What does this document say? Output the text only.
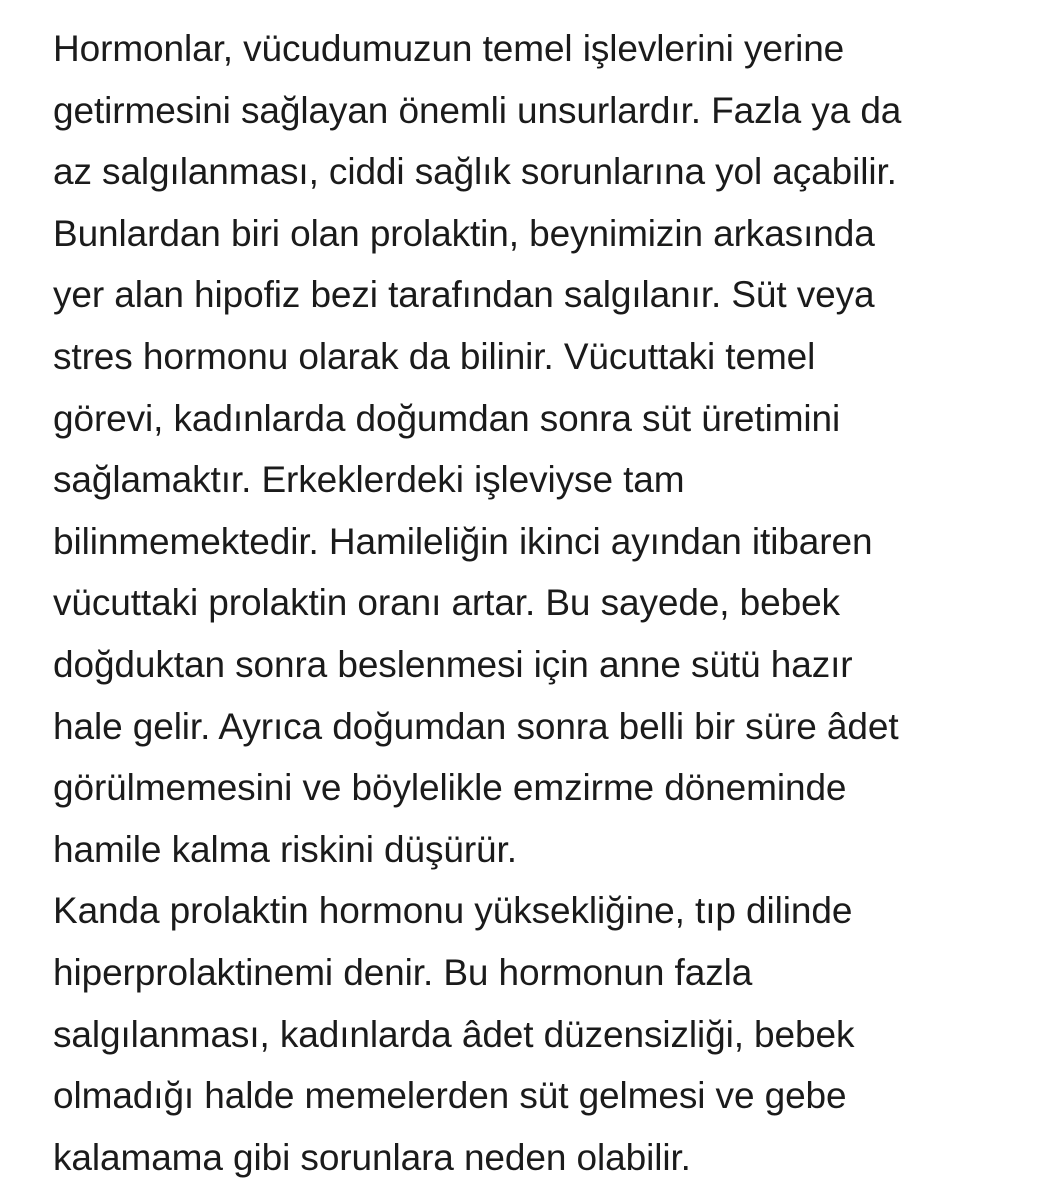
Hormonlar, vücudumuzun temel işlevlerini yerine
getirmesini sağlayan önemli unsurlardır. Fazla ya da
az salgılanması, ciddi sağlık sorunlarına yol açabilir.
Bunlardan biri olan prolaktin, beynimizin arkasında
yer alan hipofiz bezi tarafından salgılanır. Süt veya
stres hormonu olarak da bilinir. Vücuttaki temel
görevi, kadınlarda doğumdan sonra süt üretimini
sağlamaktır. Erkeklerdeki işleviyse tam
bilinmemektedir. Hamileliğin ikinci ayından itibaren
vücuttaki prolaktin oranı artar. Bu sayede, bebek
doğduktan sonra beslenmesi için anne sütü hazır
hale gelir. Ayrıca doğumdan sonra belli bir süre âdet
görülmemesini ve böylelikle emzirme döneminde
hamile kalma riskini düşürür.
Kanda prolaktin hormonu yüksekliğine, tıp dilinde
hiperprolaktinemi denir. Bu hormonun fazla
salgılanması, kadınlarda âdet düzensizliği, bebek
olmadığı halde memelerden süt gelmesi ve gebe
kalamama gibi sorunlara neden olabilir.
